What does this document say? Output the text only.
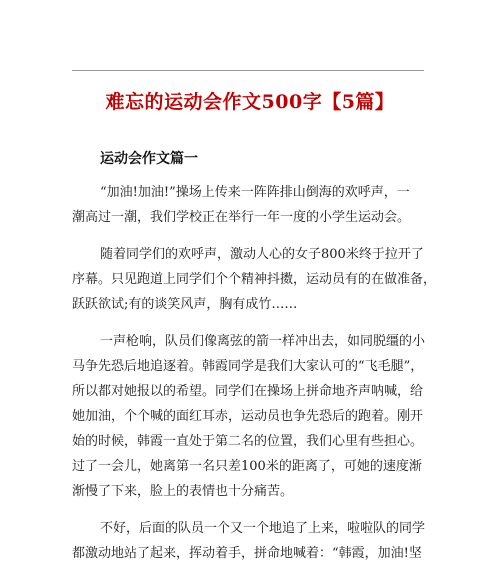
难忘的运动会作文500字【5篇】
运动会作文篇一
“加油!加油!”操场上传来一阵阵排山倒海的欢呼声，一
潮高过一潮，我们学校正在举行一年一度的小学生运动会。
随着同学们的欢呼声，激动人心的女子800米终于拉开了
序幕。只见跑道上同学们个个精神抖擞，运动员有的在做准备，
跃跃欲试;有的谈笑风声，胸有成竹……
一声枪响，队员们像离弦的箭一样冲出去，如同脱缰的小
马争先恐后地追逐着。韩霞同学是我们大家认可的“飞毛腿”，
所以都对她报以的希望。同学们在操场上拼命地齐声呐喊，给
她加油，个个喊的面红耳赤，运动员也争先恐后的跑着。刚开
始的时候，韩霞一直处于第二名的位置，我们心里有些担心。
过了一会儿，她离第一名只差100米的距离了，可她的速度渐
渐慢了下来，脸上的表情也十分痛苦。
不好，后面的队员一个又一个地追了上来，啦啦队的同学
都激动地站了起来，挥动着手，拼命地喊着：“韩霞，加油!坚
